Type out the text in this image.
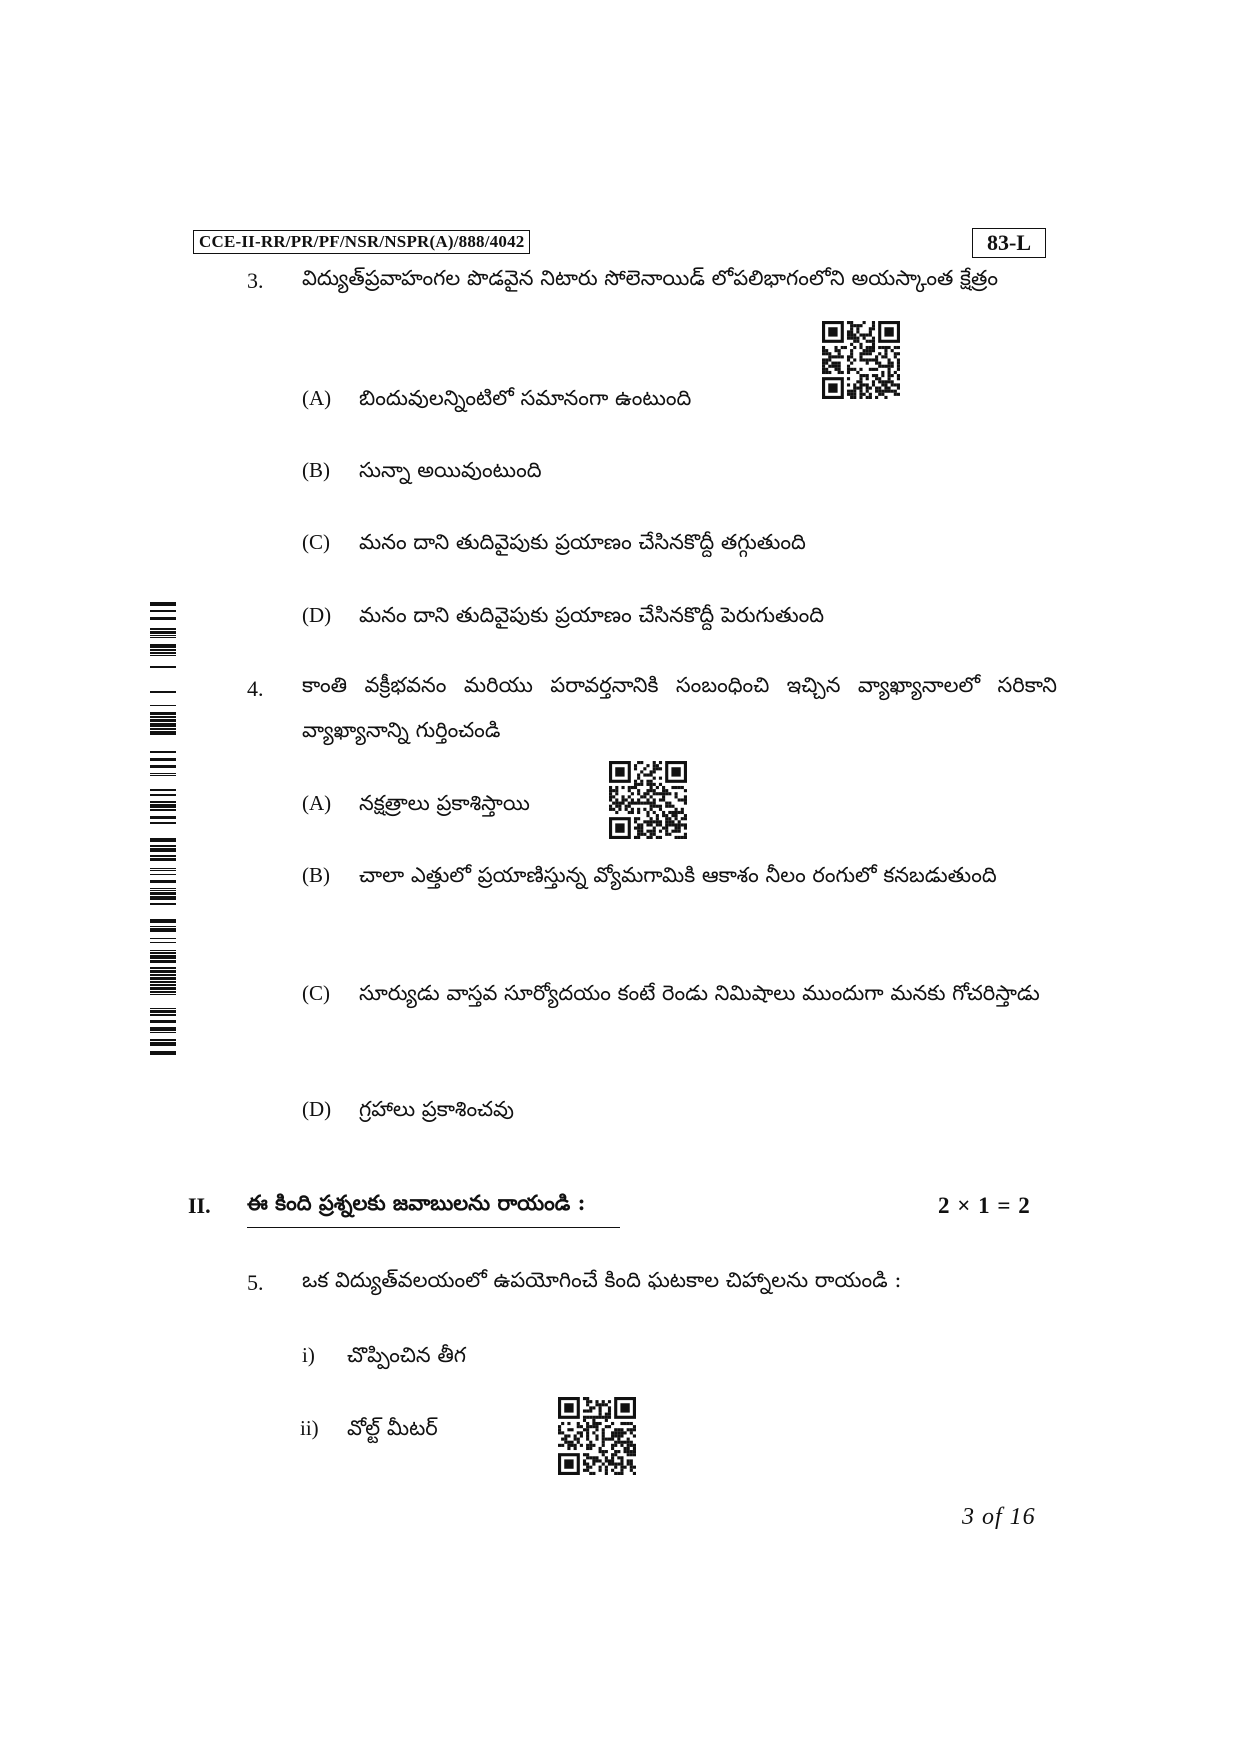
CCE-II-RR/PR/PF/NSR/NSPR(A)/888/4042	83-L
3. విద్యుత్‌ప్రవాహంగల పొడవైన నిటారు సోలెనాయిడ్ లోపలిభాగంలోని అయస్కాంత క్షేత్రం
(A) బిందువులన్నింటిలో సమానంగా ఉంటుంది
(B) సున్నా అయివుంటుంది
(C) మనం దాని తుదివైపుకు ప్రయాణం చేసినకొద్దీ తగ్గుతుంది
(D) మనం దాని తుదివైపుకు ప్రయాణం చేసినకొద్దీ పెరుగుతుంది
4. కాంతి వక్రీభవనం మరియు పరావర్తనానికి సంబంధించి ఇచ్చిన వ్యాఖ్యానాలలో సరికాని వ్యాఖ్యానాన్ని గుర్తించండి
(A) నక్షత్రాలు ప్రకాశిస్తాయి
(B) చాలా ఎత్తులో ప్రయాణిస్తున్న వ్యోమగామికి ఆకాశం నీలం రంగులో కనబడుతుంది
(C) సూర్యుడు వాస్తవ సూర్యోదయం కంటే రెండు నిమిషాలు ముందుగా మనకు గోచరిస్తాడు
(D) గ్రహాలు ప్రకాశించవు
II. ఈ కింది ప్రశ్నలకు జవాబులను రాయండి :	2 × 1 = 2
5. ఒక విద్యుత్‌వలయంలో ఉపయోగించే కింది ఘటకాల చిహ్నాలను రాయండి :
i) చొప్పించిన తీగ
ii) వోల్ట్ మీటర్
3 of 16
